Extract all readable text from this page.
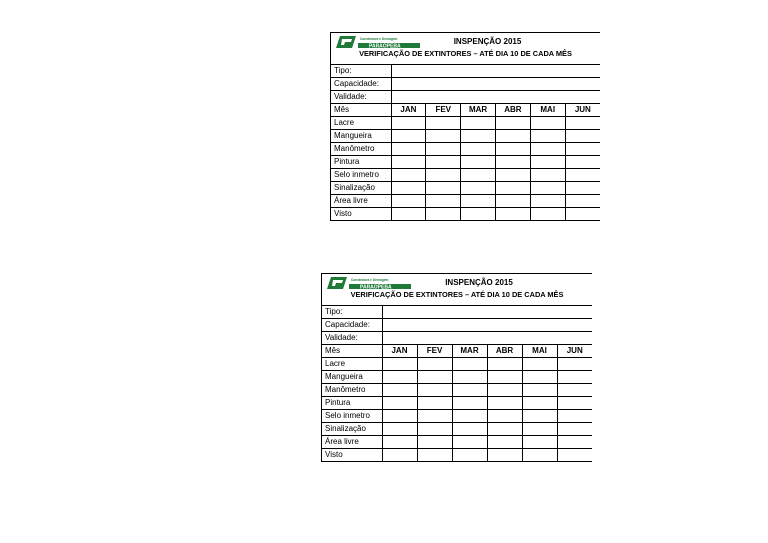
Construtora e Drenagem
PARAOPEBA
INSPENÇÃO 2015
VERIFICAÇÃO DE EXTINTORES – ATÉ DIA 10 DE CADA MÊS
Tipo:						
Capacidade:						
Validade:						
Mês	JAN	FEV	MAR	ABR	MAI	JUN
Lacre						
Mangueira						
Manômetro						
Pintura						
Selo inmetro						
Sinalização						
Área livre						
Visto						
Construtora e Drenagem
PARAOPEBA
INSPENÇÃO 2015
VERIFICAÇÃO DE EXTINTORES – ATÉ DIA 10 DE CADA MÊS
Tipo:						
Capacidade:						
Validade:						
Mês	JAN	FEV	MAR	ABR	MAI	JUN
Lacre						
Mangueira						
Manômetro						
Pintura						
Selo inmetro						
Sinalização						
Área livre						
Visto						
